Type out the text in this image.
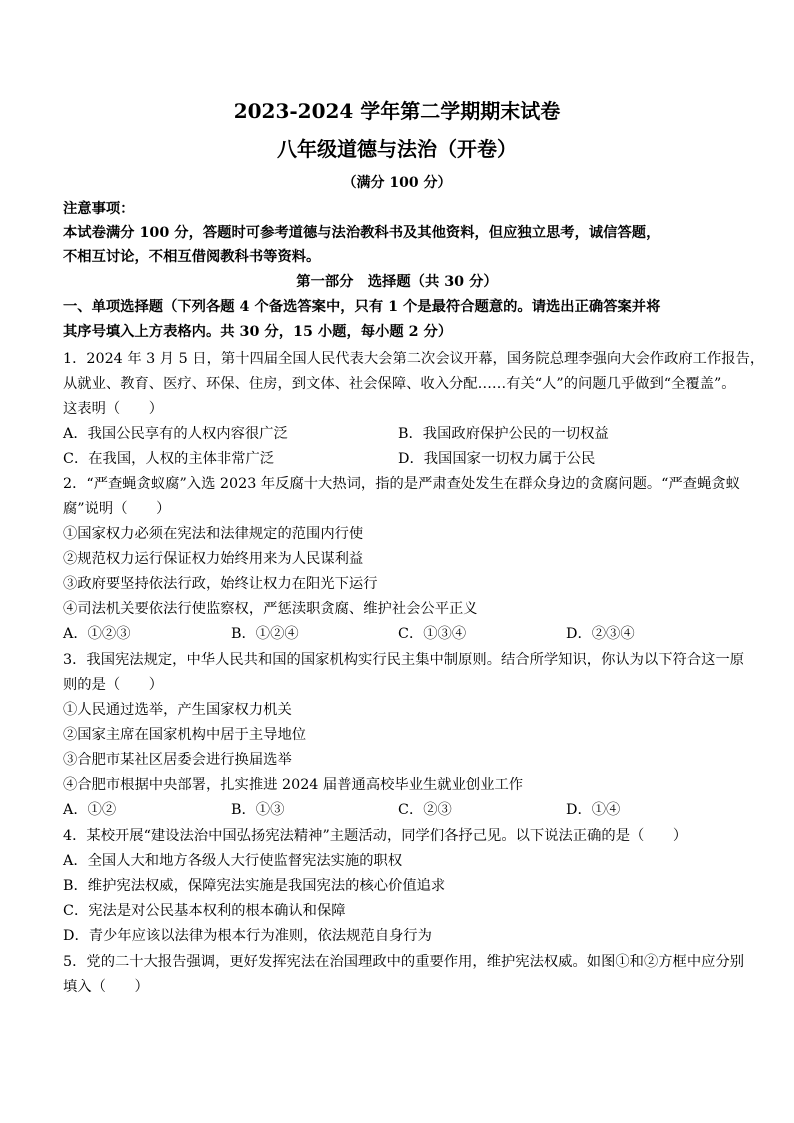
2023-2024 学年第二学期期末试卷
八年级道德与法治（开卷）
（满分 100 分）
注意事项：
本试卷满分 100 分，答题时可参考道德与法治教科书及其他资料，但应独立思考，诚信答题，
不相互讨论，不相互借阅教科书等资料。
第一部分　选择题（共 30 分）
一、单项选择题（下列各题 4 个备选答案中，只有 1 个是最符合题意的。请选出正确答案并将
其序号填入上方表格内。共 30 分，15 小题，每小题 2 分）
1．2024 年 3 月 5 日，第十四届全国人民代表大会第二次会议开幕，国务院总理李强向大会作政府工作报告，
从就业、教育、医疗、环保、住房，到文体、社会保障、收入分配……有关“人”的问题几乎做到“全覆盖”。
这表明（　　）
A．我国公民享有的人权内容很广泛	B．我国政府保护公民的一切权益
C．在我国，人权的主体非常广泛	D．我国国家一切权力属于公民
2．“严查蝇贪蚁腐”入选 2023 年反腐十大热词，指的是严肃查处发生在群众身边的贪腐问题。“严查蝇贪蚁
腐”说明（　　）
①国家权力必须在宪法和法律规定的范围内行使
②规范权力运行保证权力始终用来为人民谋利益
③政府要坚持依法行政，始终让权力在阳光下运行
④司法机关要依法行使监察权，严惩渎职贪腐、维护社会公平正义
A．①②③	B．①②④	C．①③④	D．②③④
3．我国宪法规定，中华人民共和国的国家机构实行民主集中制原则。结合所学知识，你认为以下符合这一原
则的是（　　）
①人民通过选举，产生国家权力机关
②国家主席在国家机构中居于主导地位
③合肥市某社区居委会进行换届选举
④合肥市根据中央部署，扎实推进 2024 届普通高校毕业生就业创业工作
A．①②	B．①③	C．②③	D．①④
4．某校开展“建设法治中国弘扬宪法精神”主题活动，同学们各抒己见。以下说法正确的是（　　）
A．全国人大和地方各级人大行使监督宪法实施的职权
B．维护宪法权威，保障宪法实施是我国宪法的核心价值追求
C．宪法是对公民基本权利的根本确认和保障
D．青少年应该以法律为根本行为准则，依法规范自身行为
5．党的二十大报告强调，更好发挥宪法在治国理政中的重要作用，维护宪法权威。如图①和②方框中应分别
填入（　　）
